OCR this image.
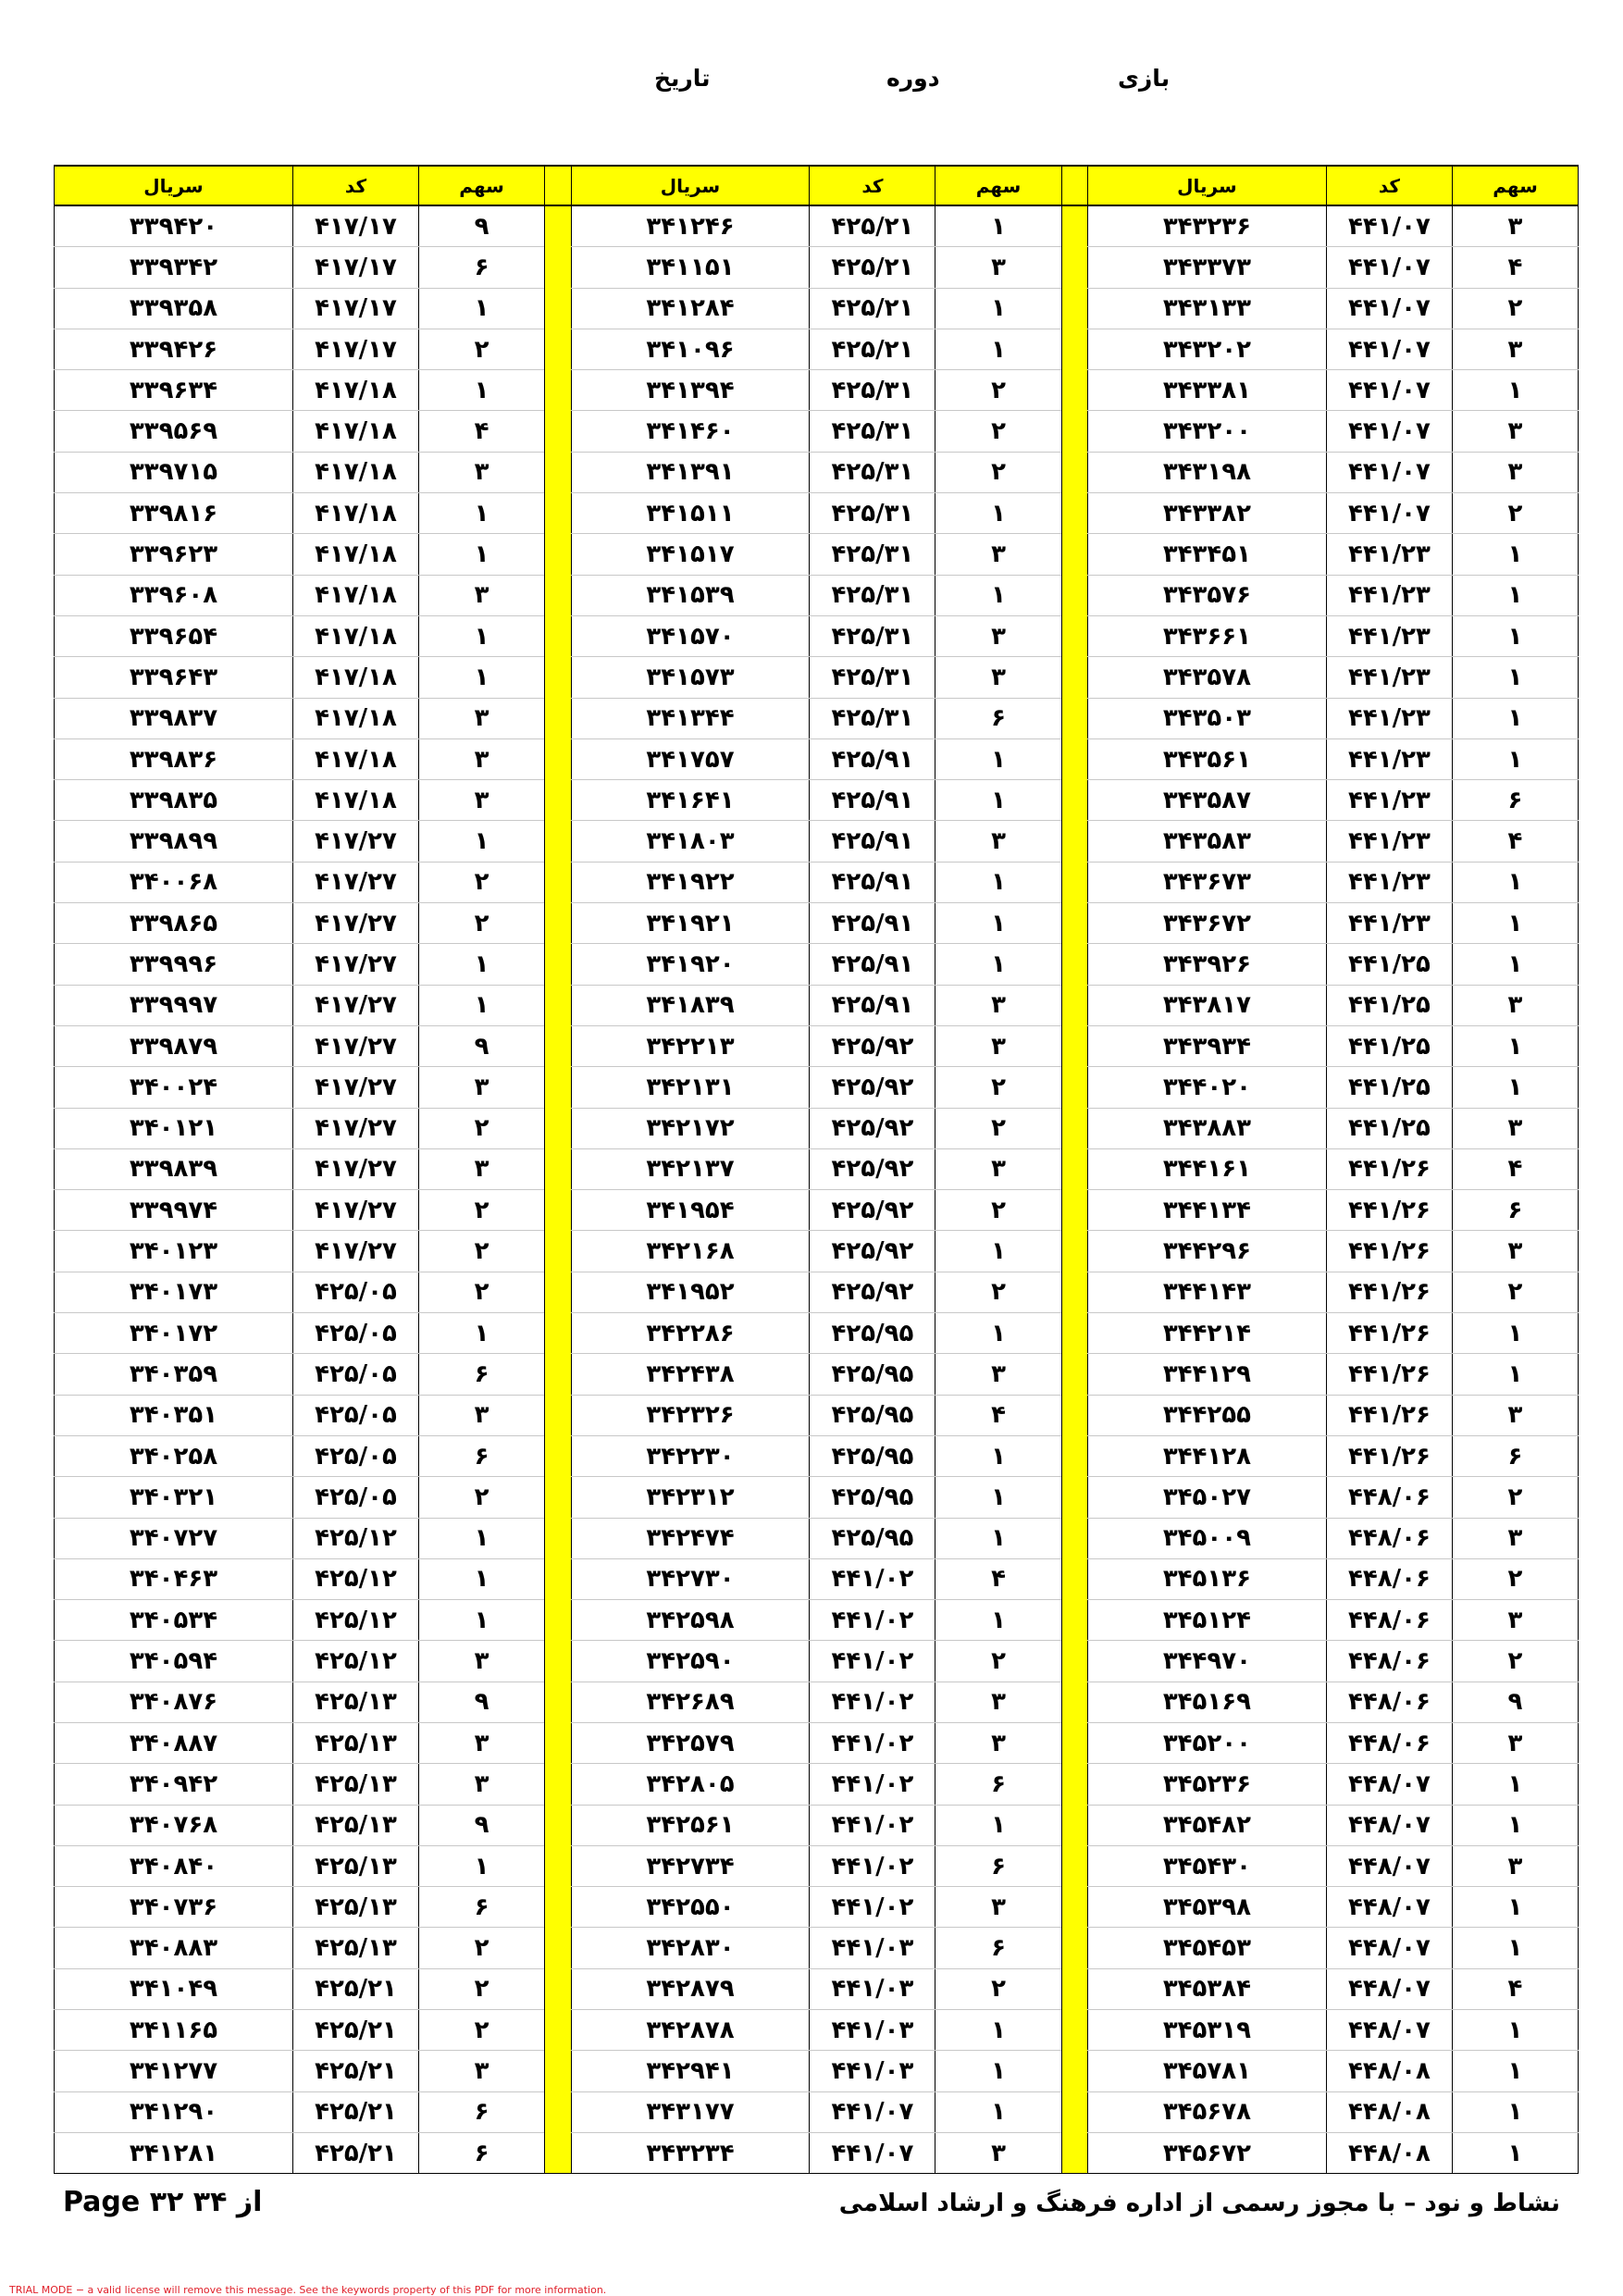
بازی
دوره
تاریخ
سهم	کد	سریال		سهم	کد	سریال		سهم	کد	سریال
۳	۴۴۱/۰۷	۳۴۳۲۳۶		۱	۴۲۵/۲۱	۳۴۱۲۴۶		۹	۴۱۷/۱۷	۳۳۹۴۲۰
۴	۴۴۱/۰۷	۳۴۳۳۷۳		۳	۴۲۵/۲۱	۳۴۱۱۵۱		۶	۴۱۷/۱۷	۳۳۹۳۴۲
۲	۴۴۱/۰۷	۳۴۳۱۳۳		۱	۴۲۵/۲۱	۳۴۱۲۸۴		۱	۴۱۷/۱۷	۳۳۹۳۵۸
۳	۴۴۱/۰۷	۳۴۳۲۰۲		۱	۴۲۵/۲۱	۳۴۱۰۹۶		۲	۴۱۷/۱۷	۳۳۹۴۲۶
۱	۴۴۱/۰۷	۳۴۳۳۸۱		۲	۴۲۵/۳۱	۳۴۱۳۹۴		۱	۴۱۷/۱۸	۳۳۹۶۳۴
۳	۴۴۱/۰۷	۳۴۳۲۰۰		۲	۴۲۵/۳۱	۳۴۱۴۶۰		۴	۴۱۷/۱۸	۳۳۹۵۶۹
۳	۴۴۱/۰۷	۳۴۳۱۹۸		۲	۴۲۵/۳۱	۳۴۱۳۹۱		۳	۴۱۷/۱۸	۳۳۹۷۱۵
۲	۴۴۱/۰۷	۳۴۳۳۸۲		۱	۴۲۵/۳۱	۳۴۱۵۱۱		۱	۴۱۷/۱۸	۳۳۹۸۱۶
۱	۴۴۱/۲۳	۳۴۳۴۵۱		۳	۴۲۵/۳۱	۳۴۱۵۱۷		۱	۴۱۷/۱۸	۳۳۹۶۲۳
۱	۴۴۱/۲۳	۳۴۳۵۷۶		۱	۴۲۵/۳۱	۳۴۱۵۳۹		۳	۴۱۷/۱۸	۳۳۹۶۰۸
۱	۴۴۱/۲۳	۳۴۳۶۶۱		۳	۴۲۵/۳۱	۳۴۱۵۷۰		۱	۴۱۷/۱۸	۳۳۹۶۵۴
۱	۴۴۱/۲۳	۳۴۳۵۷۸		۳	۴۲۵/۳۱	۳۴۱۵۷۳		۱	۴۱۷/۱۸	۳۳۹۶۴۳
۱	۴۴۱/۲۳	۳۴۳۵۰۳		۶	۴۲۵/۳۱	۳۴۱۳۴۴		۳	۴۱۷/۱۸	۳۳۹۸۳۷
۱	۴۴۱/۲۳	۳۴۳۵۶۱		۱	۴۲۵/۹۱	۳۴۱۷۵۷		۳	۴۱۷/۱۸	۳۳۹۸۳۶
۶	۴۴۱/۲۳	۳۴۳۵۸۷		۱	۴۲۵/۹۱	۳۴۱۶۴۱		۳	۴۱۷/۱۸	۳۳۹۸۳۵
۴	۴۴۱/۲۳	۳۴۳۵۸۳		۳	۴۲۵/۹۱	۳۴۱۸۰۳		۱	۴۱۷/۲۷	۳۳۹۸۹۹
۱	۴۴۱/۲۳	۳۴۳۶۷۳		۱	۴۲۵/۹۱	۳۴۱۹۲۲		۲	۴۱۷/۲۷	۳۴۰۰۶۸
۱	۴۴۱/۲۳	۳۴۳۶۷۲		۱	۴۲۵/۹۱	۳۴۱۹۲۱		۲	۴۱۷/۲۷	۳۳۹۸۶۵
۱	۴۴۱/۲۵	۳۴۳۹۲۶		۱	۴۲۵/۹۱	۳۴۱۹۲۰		۱	۴۱۷/۲۷	۳۳۹۹۹۶
۳	۴۴۱/۲۵	۳۴۳۸۱۷		۳	۴۲۵/۹۱	۳۴۱۸۳۹		۱	۴۱۷/۲۷	۳۳۹۹۹۷
۱	۴۴۱/۲۵	۳۴۳۹۳۴		۳	۴۲۵/۹۲	۳۴۲۲۱۳		۹	۴۱۷/۲۷	۳۳۹۸۷۹
۱	۴۴۱/۲۵	۳۴۴۰۲۰		۲	۴۲۵/۹۲	۳۴۲۱۳۱		۳	۴۱۷/۲۷	۳۴۰۰۲۴
۳	۴۴۱/۲۵	۳۴۳۸۸۳		۲	۴۲۵/۹۲	۳۴۲۱۷۲		۲	۴۱۷/۲۷	۳۴۰۱۲۱
۴	۴۴۱/۲۶	۳۴۴۱۶۱		۳	۴۲۵/۹۲	۳۴۲۱۳۷		۳	۴۱۷/۲۷	۳۳۹۸۳۹
۶	۴۴۱/۲۶	۳۴۴۱۳۴		۲	۴۲۵/۹۲	۳۴۱۹۵۴		۲	۴۱۷/۲۷	۳۳۹۹۷۴
۳	۴۴۱/۲۶	۳۴۴۲۹۶		۱	۴۲۵/۹۲	۳۴۲۱۶۸		۲	۴۱۷/۲۷	۳۴۰۱۲۳
۲	۴۴۱/۲۶	۳۴۴۱۴۳		۲	۴۲۵/۹۲	۳۴۱۹۵۲		۲	۴۲۵/۰۵	۳۴۰۱۷۳
۱	۴۴۱/۲۶	۳۴۴۲۱۴		۱	۴۲۵/۹۵	۳۴۲۲۸۶		۱	۴۲۵/۰۵	۳۴۰۱۷۲
۱	۴۴۱/۲۶	۳۴۴۱۲۹		۳	۴۲۵/۹۵	۳۴۲۴۳۸		۶	۴۲۵/۰۵	۳۴۰۳۵۹
۳	۴۴۱/۲۶	۳۴۴۲۵۵		۴	۴۲۵/۹۵	۳۴۲۳۲۶		۳	۴۲۵/۰۵	۳۴۰۳۵۱
۶	۴۴۱/۲۶	۳۴۴۱۲۸		۱	۴۲۵/۹۵	۳۴۲۲۳۰		۶	۴۲۵/۰۵	۳۴۰۲۵۸
۲	۴۴۸/۰۶	۳۴۵۰۲۷		۱	۴۲۵/۹۵	۳۴۲۳۱۲		۲	۴۲۵/۰۵	۳۴۰۳۲۱
۳	۴۴۸/۰۶	۳۴۵۰۰۹		۱	۴۲۵/۹۵	۳۴۲۴۷۴		۱	۴۲۵/۱۲	۳۴۰۷۲۷
۲	۴۴۸/۰۶	۳۴۵۱۳۶		۴	۴۴۱/۰۲	۳۴۲۷۳۰		۱	۴۲۵/۱۲	۳۴۰۴۶۳
۳	۴۴۸/۰۶	۳۴۵۱۲۴		۱	۴۴۱/۰۲	۳۴۲۵۹۸		۱	۴۲۵/۱۲	۳۴۰۵۳۴
۲	۴۴۸/۰۶	۳۴۴۹۷۰		۲	۴۴۱/۰۲	۳۴۲۵۹۰		۳	۴۲۵/۱۲	۳۴۰۵۹۴
۹	۴۴۸/۰۶	۳۴۵۱۶۹		۳	۴۴۱/۰۲	۳۴۲۶۸۹		۹	۴۲۵/۱۳	۳۴۰۸۷۶
۳	۴۴۸/۰۶	۳۴۵۲۰۰		۳	۴۴۱/۰۲	۳۴۲۵۷۹		۳	۴۲۵/۱۳	۳۴۰۸۸۷
۱	۴۴۸/۰۷	۳۴۵۲۳۶		۶	۴۴۱/۰۲	۳۴۲۸۰۵		۳	۴۲۵/۱۳	۳۴۰۹۴۲
۱	۴۴۸/۰۷	۳۴۵۴۸۲		۱	۴۴۱/۰۲	۳۴۲۵۶۱		۹	۴۲۵/۱۳	۳۴۰۷۶۸
۳	۴۴۸/۰۷	۳۴۵۴۳۰		۶	۴۴۱/۰۲	۳۴۲۷۳۴		۱	۴۲۵/۱۳	۳۴۰۸۴۰
۱	۴۴۸/۰۷	۳۴۵۳۹۸		۳	۴۴۱/۰۲	۳۴۲۵۵۰		۶	۴۲۵/۱۳	۳۴۰۷۳۶
۱	۴۴۸/۰۷	۳۴۵۴۵۳		۶	۴۴۱/۰۳	۳۴۲۸۳۰		۲	۴۲۵/۱۳	۳۴۰۸۸۳
۴	۴۴۸/۰۷	۳۴۵۳۸۴		۲	۴۴۱/۰۳	۳۴۲۸۷۹		۲	۴۲۵/۲۱	۳۴۱۰۴۹
۱	۴۴۸/۰۷	۳۴۵۳۱۹		۱	۴۴۱/۰۳	۳۴۲۸۷۸		۲	۴۲۵/۲۱	۳۴۱۱۶۵
۱	۴۴۸/۰۸	۳۴۵۷۸۱		۱	۴۴۱/۰۳	۳۴۲۹۴۱		۳	۴۲۵/۲۱	۳۴۱۲۷۷
۱	۴۴۸/۰۸	۳۴۵۶۷۸		۱	۴۴۱/۰۷	۳۴۳۱۷۷		۶	۴۲۵/۲۱	۳۴۱۲۹۰
۱	۴۴۸/۰۸	۳۴۵۶۷۲		۳	۴۴۱/۰۷	۳۴۳۲۳۴		۶	۴۲۵/۲۱	۳۴۱۲۸۱
Page ۳۲ ۳۴ از	نشاط و نود – با مجوز رسمی از اداره فرهنگ و ارشاد اسلامی
TRIAL MODE − a valid license will remove this message. See the keywords property of this PDF for more information.
